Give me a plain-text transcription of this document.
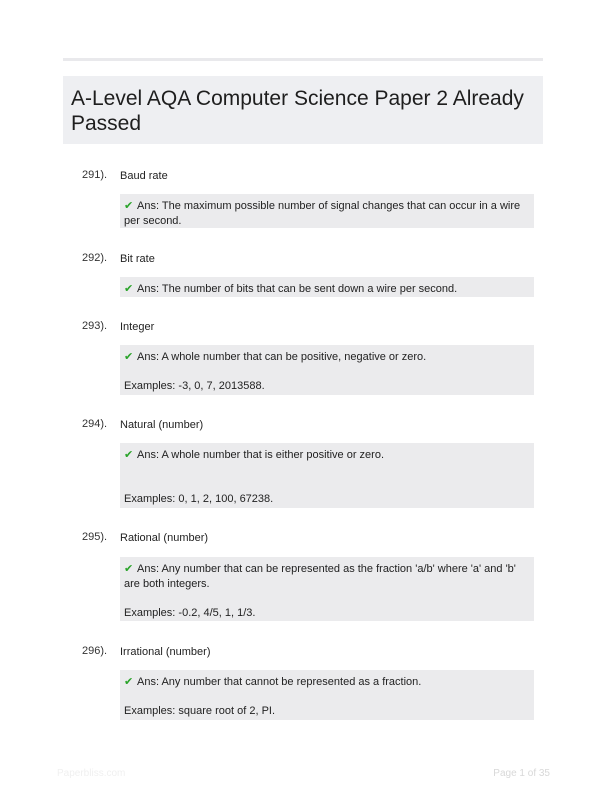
A-Level AQA Computer Science Paper 2 Already Passed
291). Baud rate
✔ Ans: The maximum possible number of signal changes that can occur in a wire per second.
292). Bit rate
✔ Ans: The number of bits that can be sent down a wire per second.
293). Integer
✔ Ans: A whole number that can be positive, negative or zero.
Examples: -3, 0, 7, 2013588.
294). Natural (number)
✔ Ans: A whole number that is either positive or zero.
Examples: 0, 1, 2, 100, 67238.
295). Rational (number)
✔ Ans: Any number that can be represented as the fraction 'a/b' where 'a' and 'b' are both integers.
Examples: -0.2, 4/5, 1, 1/3.
296). Irrational (number)
✔ Ans: Any number that cannot be represented as a fraction.
Examples: square root of 2, PI.
Paperbliss.com	Page 1 of 35
